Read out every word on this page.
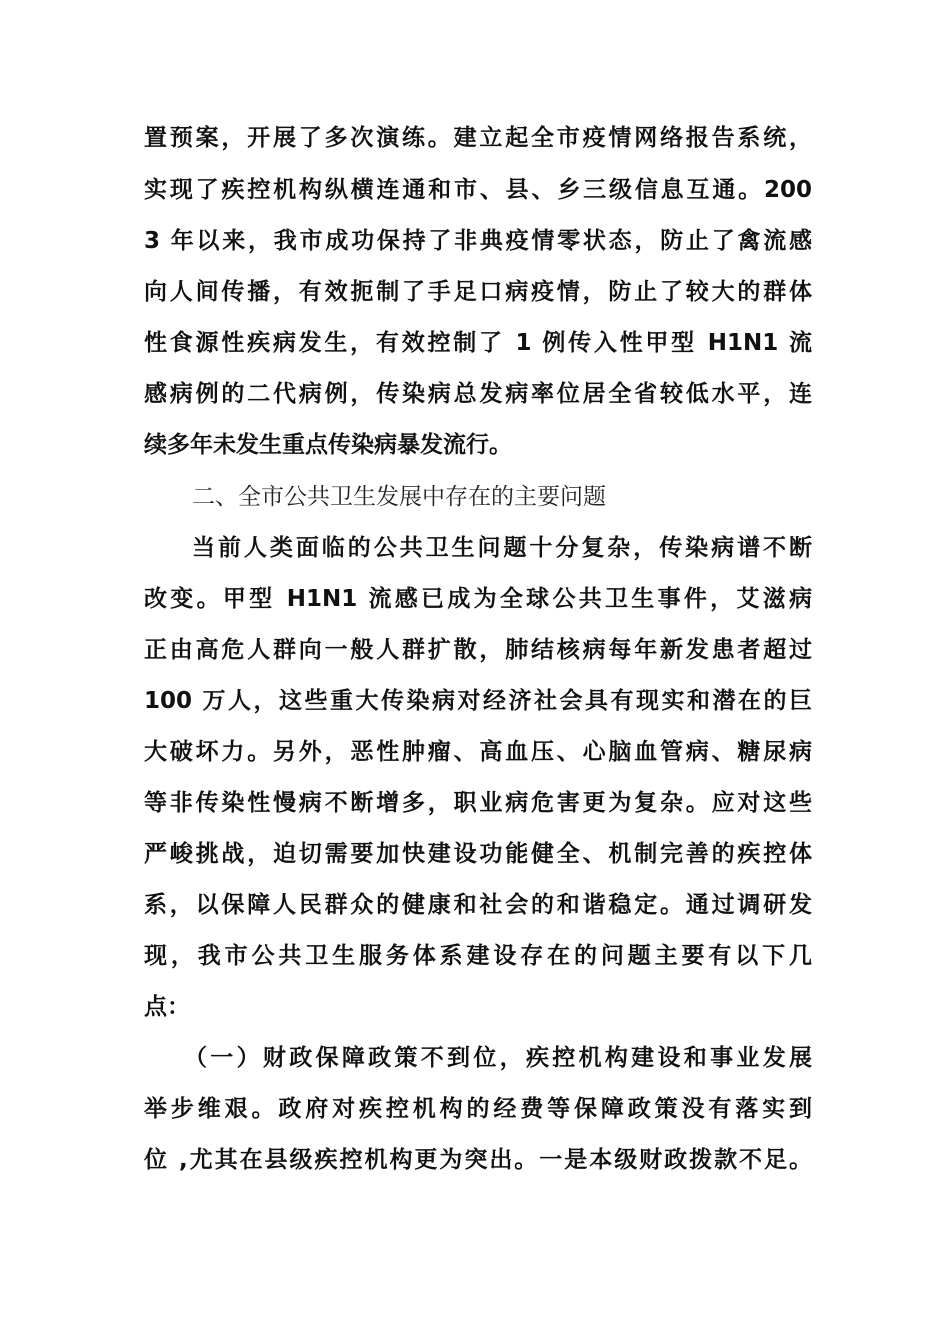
置预案，开展了多次演练。建立起全市疫情网络报告系统，
实现了疾控机构纵横连通和市、县、乡三级信息互通。200
3 年以来，我市成功保持了非典疫情零状态，防止了禽流感
向人间传播，有效扼制了手足口病疫情，防止了较大的群体
性食源性疾病发生，有效控制了 1 例传入性甲型 H1N1 流
感病例的二代病例，传染病总发病率位居全省较低水平，连
续多年未发生重点传染病暴发流行。
二、全市公共卫生发展中存在的主要问题
当前人类面临的公共卫生问题十分复杂，传染病谱不断
改变。甲型 H1N1 流感已成为全球公共卫生事件，艾滋病
正由高危人群向一般人群扩散，肺结核病每年新发患者超过
100 万人，这些重大传染病对经济社会具有现实和潜在的巨
大破坏力。另外，恶性肿瘤、高血压、心脑血管病、糖尿病
等非传染性慢病不断增多，职业病危害更为复杂。应对这些
严峻挑战，迫切需要加快建设功能健全、机制完善的疾控体
系，以保障人民群众的健康和社会的和谐稳定。通过调研发
现，我市公共卫生服务体系建设存在的问题主要有以下几
点：
（一）财政保障政策不到位，疾控机构建设和事业发展
举步维艰。政府对疾控机构的经费等保障政策没有落实到
位 ,尤其在县级疾控机构更为突出。一是本级财政拨款不足。
